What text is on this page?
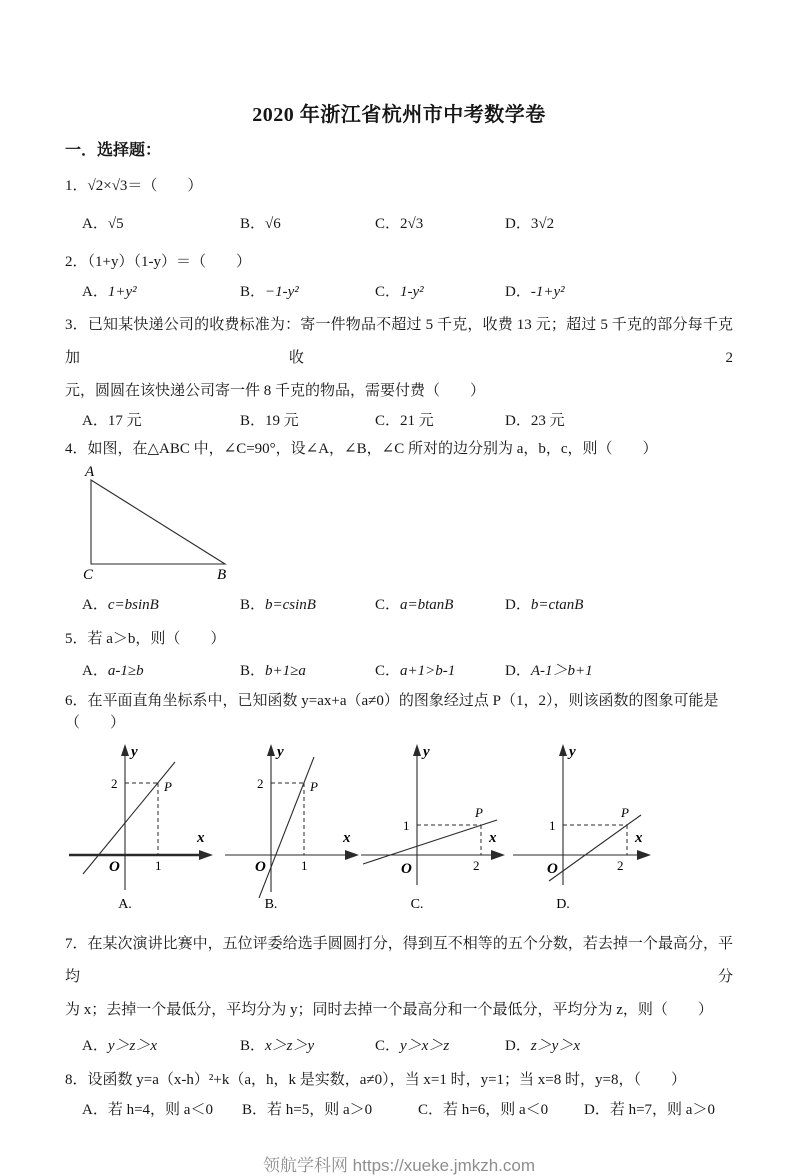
2020 年浙江省杭州市中考数学卷
一．选择题：
1．√2×√3＝（　　）
A．√5	B．√6	C．2√3	D．3√2
2．（1+y）（1-y）＝（　　）
A．1+y²	B．−1-y²	C．1-y²	D．-1+y²
3．已知某快递公司的收费标准为：寄一件物品不超过 5 千克，收费 13 元；超过 5 千克的部分每千克加收 2
元，圆圆在该快递公司寄一件 8 千克的物品，需要付费（　　）
A．17 元	B．19 元	C．21 元	D．23 元
4．如图，在△ABC 中，∠C=90°，设∠A，∠B，∠C 所对的边分别为 a，b，c，则（　　）
A
C	B
A．c=bsinB	B．b=csinB	C．a=btanB	D．b=ctanB
5．若 a＞b，则（　　）
A．a-1≥b	B．b+1≥a	C．a+1>b-1	D．A-1＞b+1
6．在平面直角坐标系中，已知函数 y=ax+a（a≠0）的图象经过点 P（1，2），则该函数的图象可能是（　　）
y
x
O
2
1
P
A.
y
x
O
2
1
P
B.
y
x
O
1
2
P
C.
y
x
O
1
2
P
D.
7．在某次演讲比赛中，五位评委给选手圆圆打分，得到互不相等的五个分数，若去掉一个最高分，平均分
为 x；去掉一个最低分，平均分为 y；同时去掉一个最高分和一个最低分，平均分为 z，则（　　）
A．y＞z＞x	B．x＞z＞y	C．y＞x＞z	D．z＞y＞x
8．设函数 y=a（x-h）²+k（a，h，k 是实数，a≠0），当 x=1 时，y=1；当 x=8 时，y=8，（　　）
A．若 h=4，则 a＜0	B．若 h=5，则 a＞0	C．若 h=6，则 a＜0	D．若 h=7，则 a＞0
领航学科网 https://xueke.jmkzh.com
